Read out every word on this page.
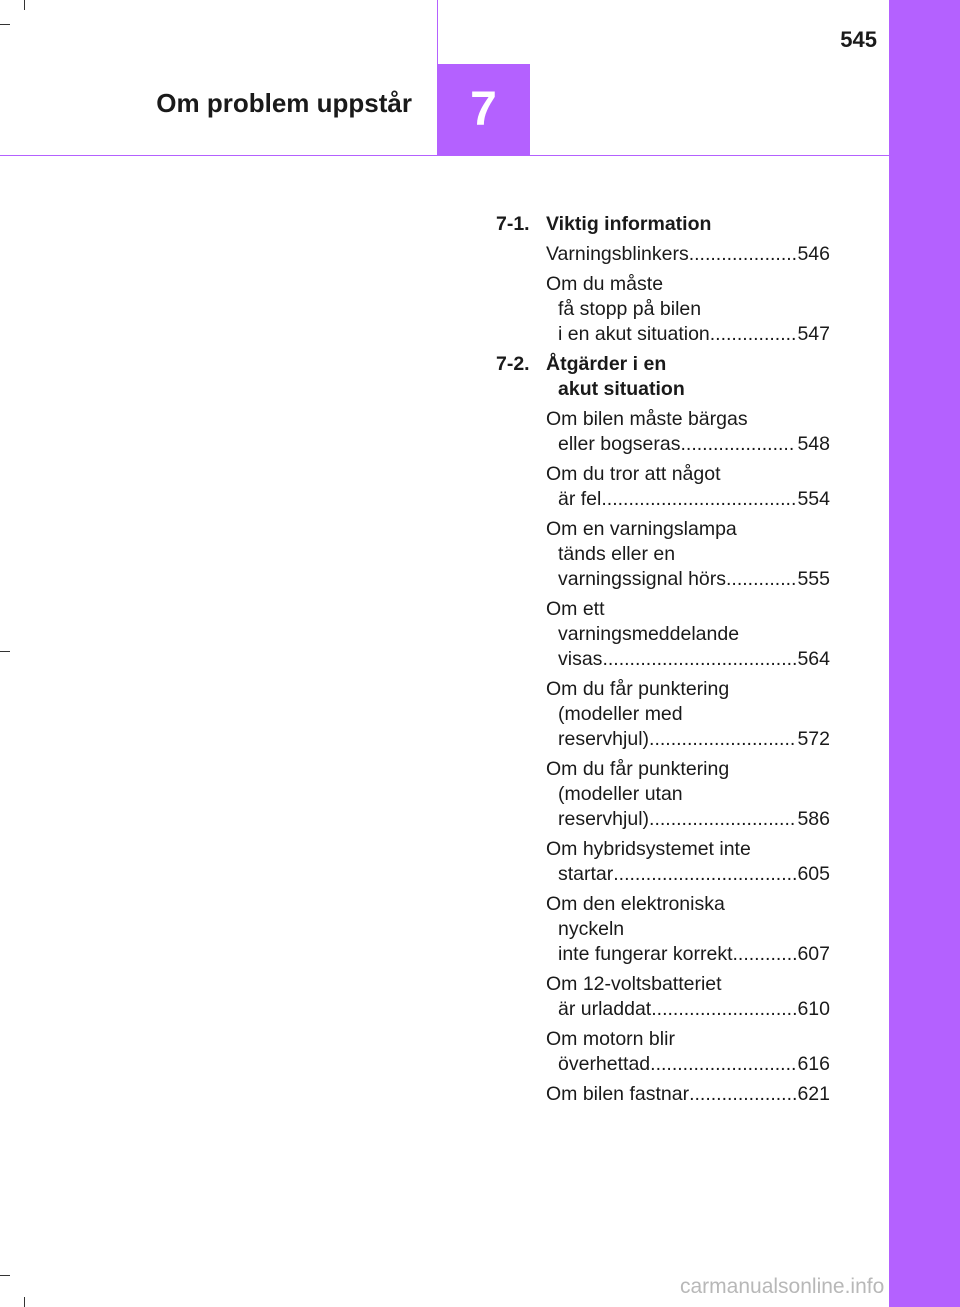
545
Om problem uppstår	7
7-1. Viktig information
Varningsblinkers .....	546
Om du måste
få stopp på bilen
i en akut situation .....	547
7-2. Åtgärder i en
akut situation
Om bilen måste bärgas
eller bogseras .....	548
Om du tror att något
är fel .....	554
Om en varningslampa
tänds eller en
varningssignal hörs .....	555
Om ett
varningsmeddelande
visas .....	564
Om du får punktering
(modeller med
reservhjul) .....	572
Om du får punktering
(modeller utan
reservhjul) .....	586
Om hybridsystemet inte
startar .....	605
Om den elektroniska
nyckeln
inte fungerar korrekt .....	607
Om 12-voltsbatteriet
är urladdat .....	610
Om motorn blir
överhettad .....	616
Om bilen fastnar .....	621
carmanualsonline.info
